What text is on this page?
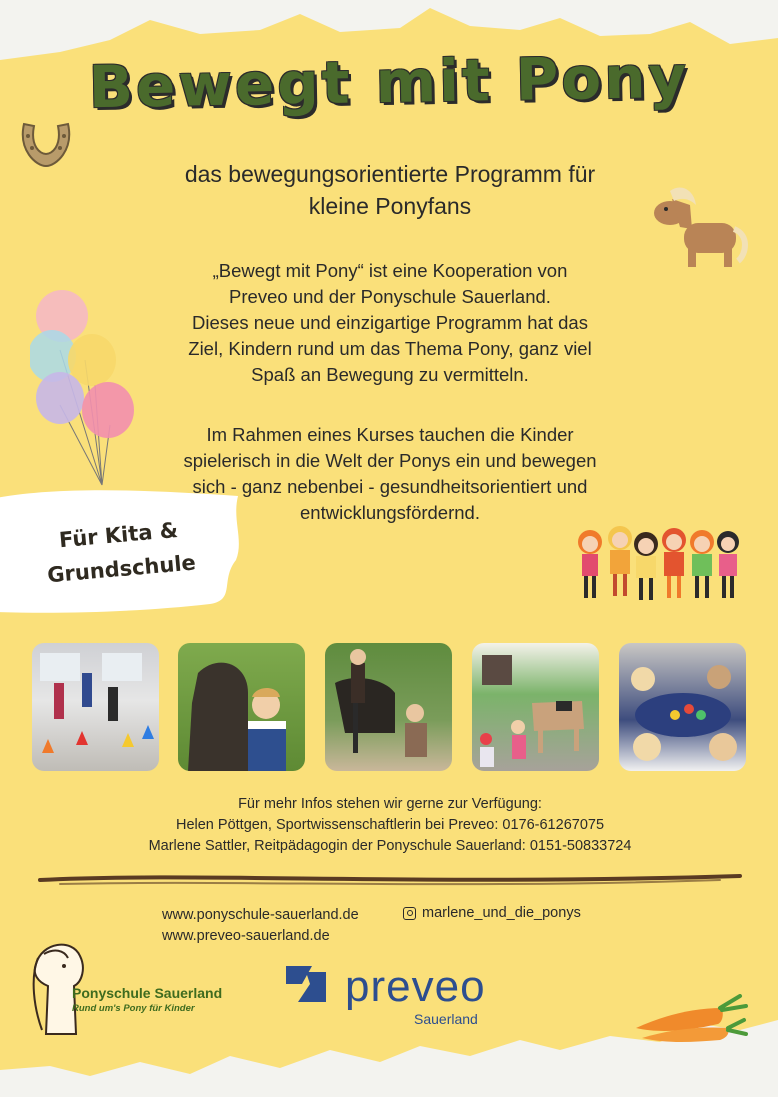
Bewegt mit Pony
das bewegungsorientierte Programm für
kleine Ponyfans
„Bewegt mit Pony“ ist eine Kooperation von
Preveo und der Ponyschule Sauerland.
Dieses neue und einzigartige Programm hat das
Ziel, Kindern rund um das Thema Pony, ganz viel
Spaß an Bewegung zu vermitteln.
Im Rahmen eines Kurses tauchen die Kinder
spielerisch in die Welt der Ponys ein und bewegen
sich - ganz nebenbei - gesundheitsorientiert und
entwicklungsfördernd.
Für Kita &
Grundschule
Für mehr Infos stehen wir gerne zur Verfügung:
Helen Pöttgen, Sportwissenschaftlerin bei Preveo: 0176-61267075
Marlene Sattler, Reitpädagogin der Ponyschule Sauerland: 0151-50833724
www.ponyschule-sauerland.de
www.preveo-sauerland.de
marlene_und_die_ponys
Ponyschule Sauerland
Rund um's Pony für Kinder	preveo
Sauerland
